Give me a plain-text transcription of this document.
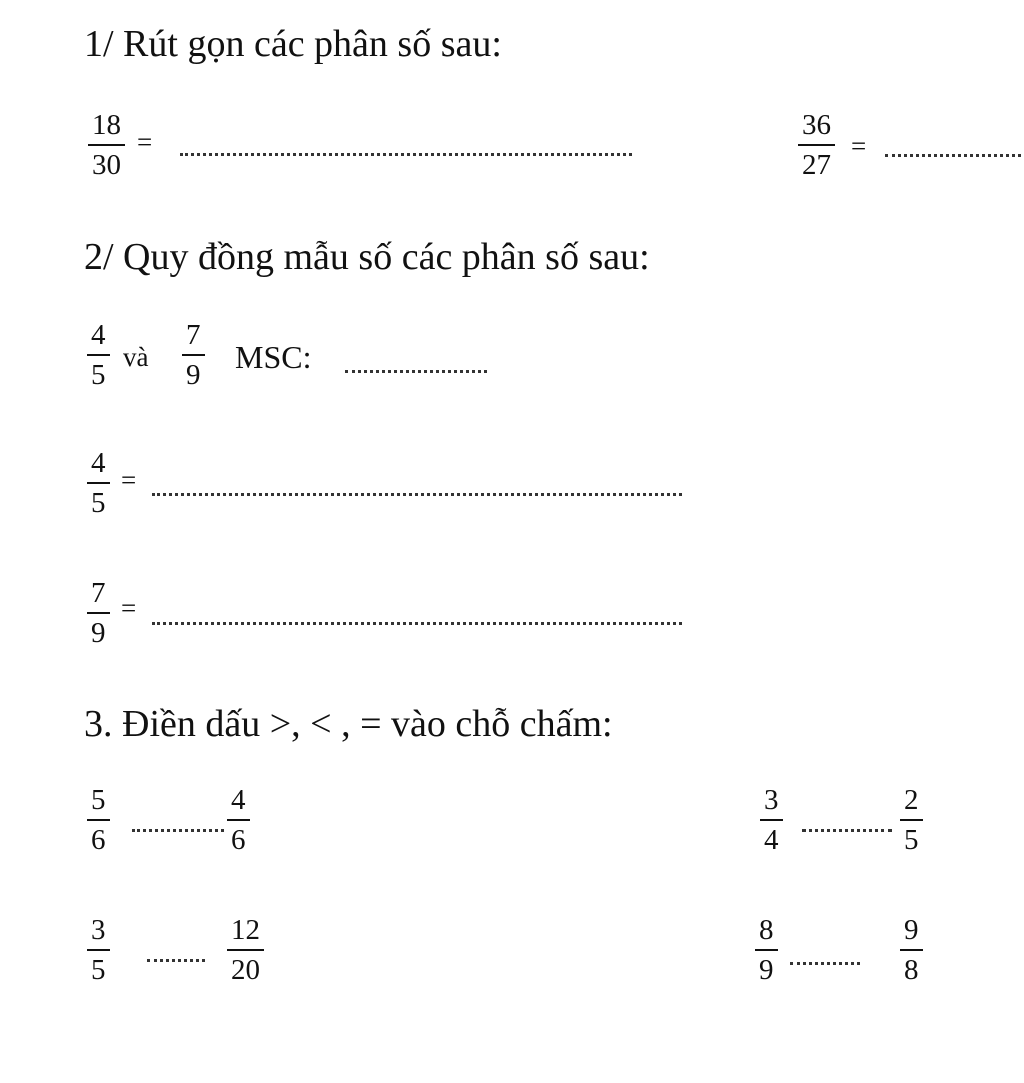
1/ Rút gọn các phân số sau:
18
30
=
36
27
=
2/ Quy đồng mẫu số các phân số sau:
4
5
và
7
9 MSC:
4
5
=
7
9
=
3. Điền dấu >, < , = vào chỗ chấm:
5
6
4
6
3
4
2
5
3
5
12
20
8
9
9
8
